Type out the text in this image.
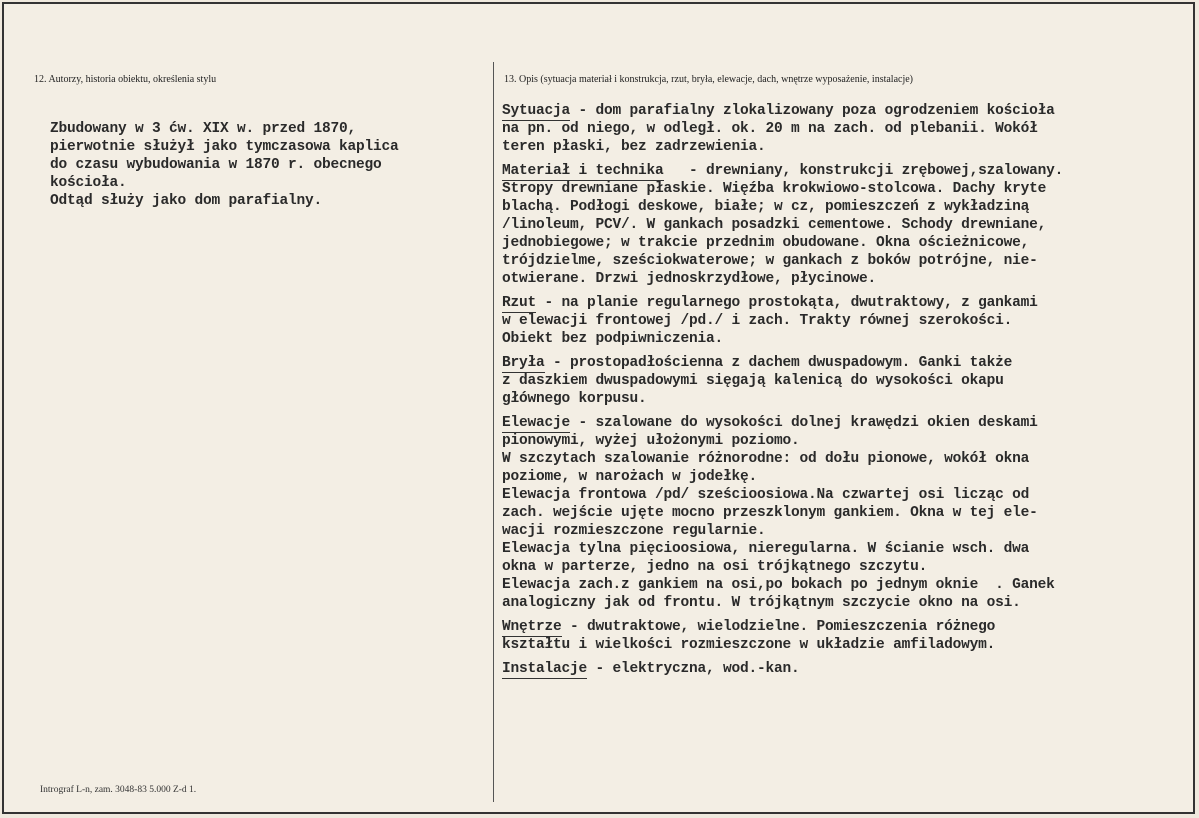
12. Autorzy, historia obiektu, określenia stylu	13. Opis (sytuacja materiał i konstrukcja, rzut, bryła, elewacje, dach, wnętrze wyposażenie, instalacje)
Zbudowany w 3 ćw. XIX w. przed 1870,
pierwotnie służył jako tymczasowa kaplica
do czasu wybudowania w 1870 r. obecnego
kościoła.
Odtąd służy jako dom parafialny.
Sytuacja - dom parafialny zlokalizowany poza ogrodzeniem kościoła
na pn. od niego, w odległ. ok. 20 m na zach. od plebanii. Wokół
teren płaski, bez zadrzewienia.
Materiał i technika   - drewniany, konstrukcji zrębowej,szalowany.
Stropy drewniane płaskie. Więźba krokwiowo-stolcowa. Dachy kryte
blachą. Podłogi deskowe, białe; w cz, pomieszczeń z wykładziną
/linoleum, PCV/. W gankach posadzki cementowe. Schody drewniane,
jednobiegowe; w trakcie przednim obudowane. Okna ościeżnicowe,
trójdzielme, sześciokwaterowe; w gankach z boków potrójne, nie-
otwierane. Drzwi jednoskrzydłowe, płycinowe.
Rzut - na planie regularnego prostokąta, dwutraktowy, z gankami
w elewacji frontowej /pd./ i zach. Trakty równej szerokości.
Obiekt bez podpiwniczenia.
Bryła - prostopadłościenna z dachem dwuspadowym. Ganki także
z daszkiem dwuspadowymi sięgają kalenicą do wysokości okapu
głównego korpusu.
Elewacje - szalowane do wysokości dolnej krawędzi okien deskami
pionowymi, wyżej ułożonymi poziomo.
W szczytach szalowanie różnorodne: od dołu pionowe, wokół okna
poziome, w narożach w jodełkę.
Elewacja frontowa /pd/ sześcioosiowa.Na czwartej osi licząc od
zach. wejście ujęte mocno przeszklonym gankiem. Okna w tej ele-
wacji rozmieszczone regularnie.
Elewacja tylna pięcioosiowa, nieregularna. W ścianie wsch. dwa
okna w parterze, jedno na osi trójkątnego szczytu.
Elewacja zach.z gankiem na osi,po bokach po jednym oknie  . Ganek
analogiczny jak od frontu. W trójkątnym szczycie okno na osi.
Wnętrze - dwutraktowe, wielodzielne. Pomieszczenia różnego
kształtu i wielkości rozmieszczone w układzie amfiladowym.
Instalacje - elektryczna, wod.-kan.
Intrograf L-n, zam. 3048-83 5.000 Z-d 1.
